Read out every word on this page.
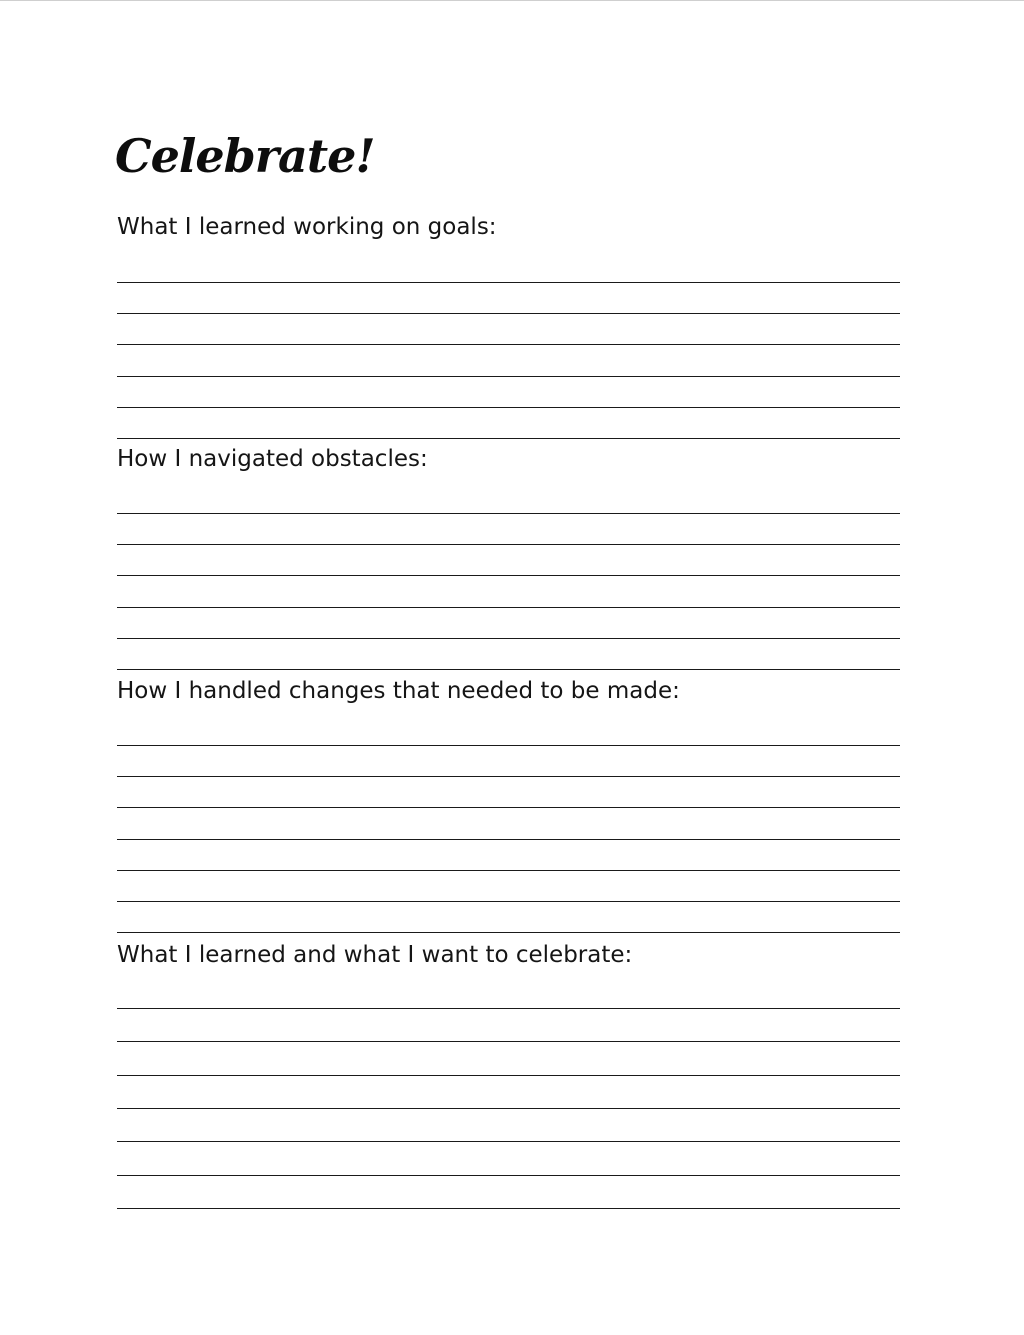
Celebrate!

What I learned working on goals:

How I navigated obstacles:

How I handled changes that needed to be made:

What I learned and what I want to celebrate:
